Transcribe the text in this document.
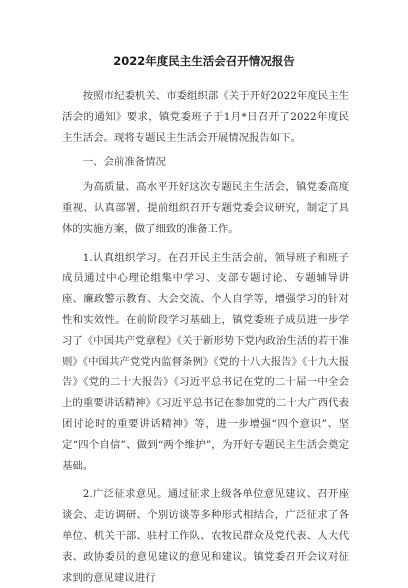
2022年度民主生活会召开情况报告

按照市纪委机关、市委组织部《关于开好2022年度民主生活会的通知》要求，镇党委班子于1月*日召开了2022年度民主生活会。现将专题民主生活会开展情况报告如下。

一、会前准备情况

为高质量、高水平开好这次专题民主生活会，镇党委高度重视、认真部署，提前组织召开专题党委会议研究，制定了具体的实施方案，做了细致的准备工作。

1.认真组织学习。在召开民主生活会前，领导班子和班子成员通过中心理论组集中学习、支部专题讨论、专题辅导讲座、廉政警示教育、大会交流、个人自学等，增强学习的针对性和实效性。在前阶段学习基础上，镇党委班子成员进一步学习了《中国共产党章程》《关于新形势下党内政治生活的若干准则》《中国共产党党内监督条例》《党的十八大报告》《十九大报告》《党的二十大报告》《习近平总书记在党的二十届一中全会上的重要讲话精神》《习近平总书记在参加党的二十大广西代表团讨论时的重要讲话精神》等，进一步增强“四个意识”、坚定“四个自信”、做到“两个维护”，为开好专题民主生活会奠定基础。

2.广泛征求意见。通过征求上级各单位意见建议、召开座谈会、走访调研、个别访谈等多种形式相结合，广泛征求了各单位、机关干部、驻村工作队、农牧民群众及党代表、人大代表、政协委员的意见建议的意见和建议。镇党委召开会议对征求到的意见建议进行
